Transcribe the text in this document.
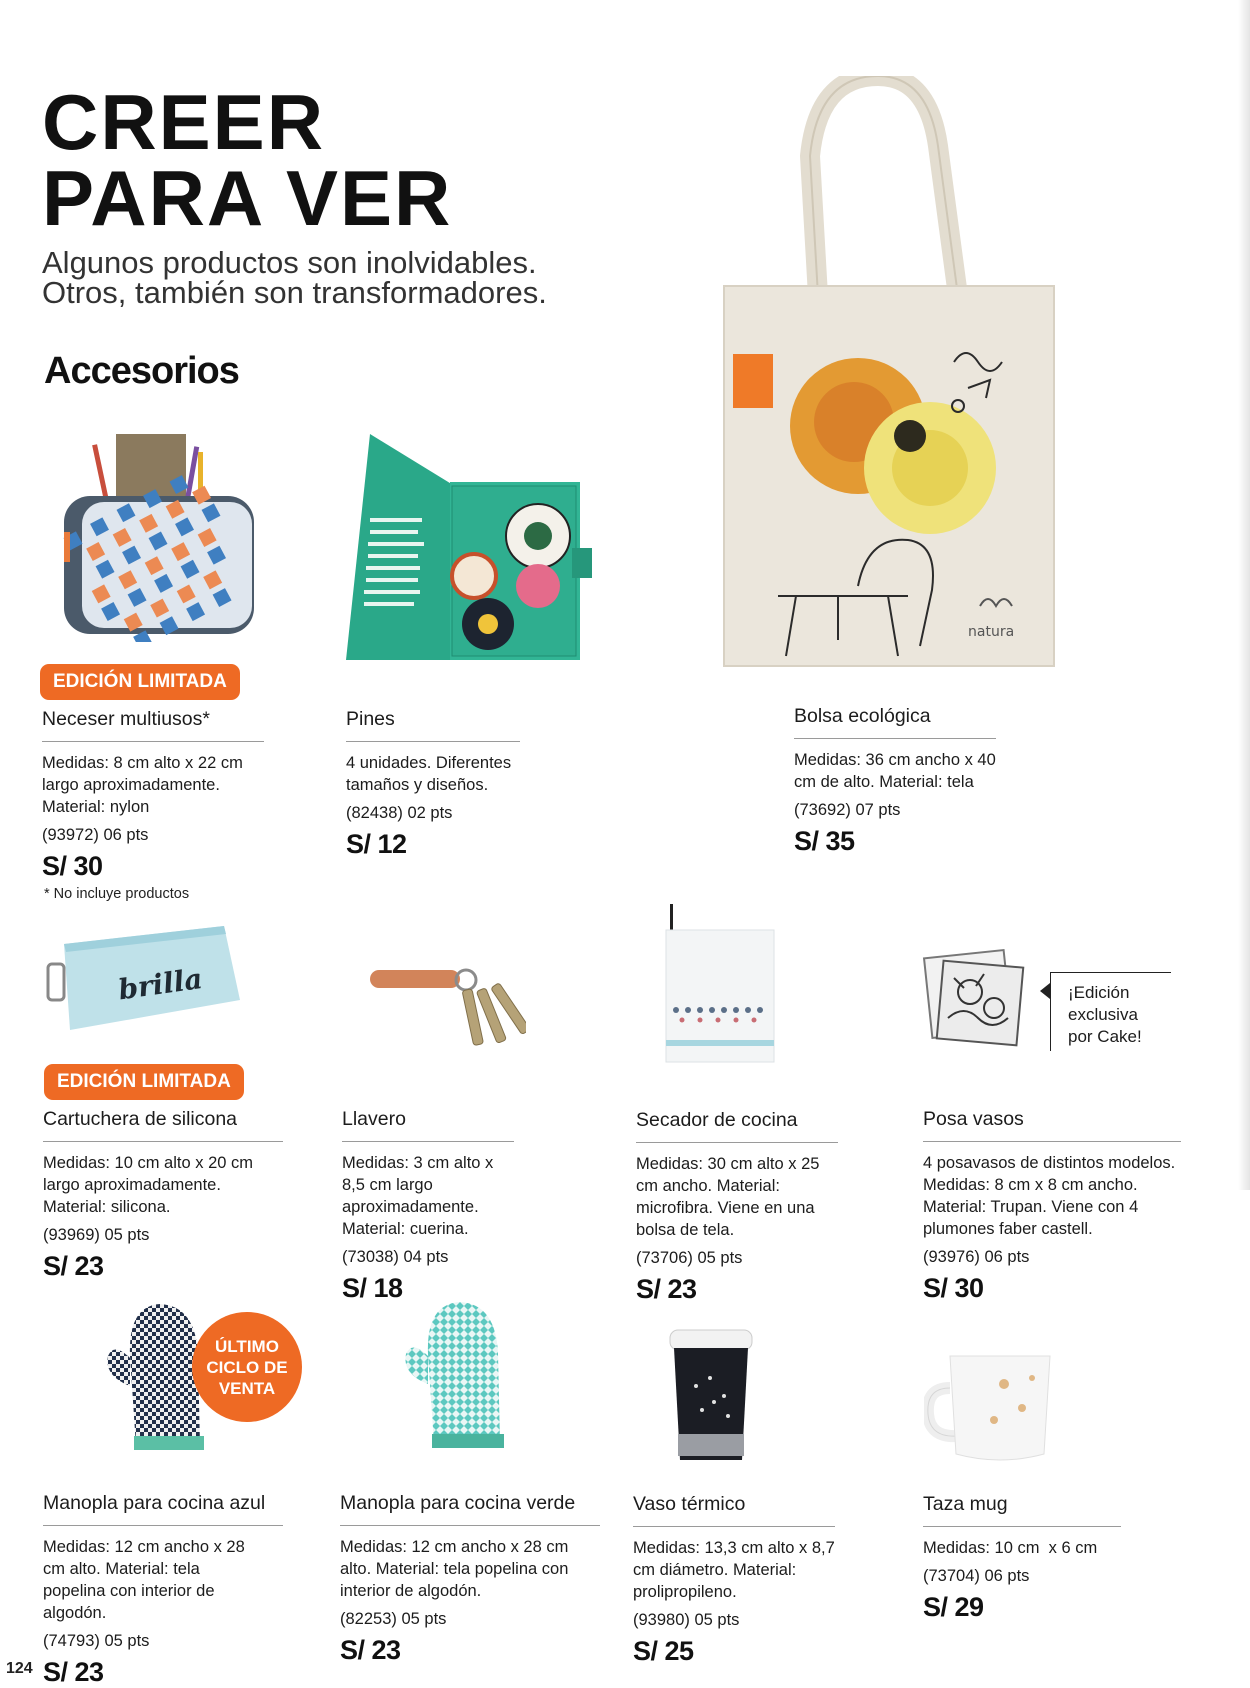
CREER
PARA VER
Algunos productos son inolvidables.
Otros, también son transformadores.
Accesorios
natura
brilla
ÚLTIMO
CICLO DE
VENTA
EDICIÓN LIMITADA
EDICIÓN LIMITADA
Neceser multiusos*
Medidas: 8 cm alto x 22 cm largo aproximadamente. Material: nylon
(93972) 06 pts
S/ 30
* No incluye productos
Pines
4 unidades. Diferentes tamaños y diseños.
(82438) 02 pts
S/ 12
Bolsa ecológica
Medidas: 36 cm ancho x 40 cm de alto. Material: tela
(73692) 07 pts
S/ 35
Cartuchera de silicona
Medidas: 10 cm alto x 20 cm largo aproximadamente. Material: silicona.
(93969) 05 pts
S/ 23
Llavero
Medidas: 3 cm alto x 8,5 cm largo aproximadamente. Material: cuerina.
(73038) 04 pts
S/ 18
Secador de cocina
Medidas: 30 cm alto x 25 cm ancho. Material: microfibra. Viene en una bolsa de tela.
(73706) 05 pts
S/ 23
Posa vasos
4 posavasos de distintos modelos. Medidas: 8 cm x 8 cm ancho. Material: Trupan. Viene con 4 plumones faber castell.
(93976) 06 pts
S/ 30
¡Edición
exclusiva
por Cake!
Manopla para cocina azul
Medidas: 12 cm ancho x 28 cm alto. Material: tela popelina con interior de algodón.
(74793) 05 pts
S/ 23
Manopla para cocina verde
Medidas: 12 cm ancho x 28 cm alto. Material: tela popelina con interior de algodón.
(82253) 05 pts
S/ 23
Vaso térmico
Medidas: 13,3 cm alto x 8,7 cm diámetro. Material: prolipropileno.
(93980) 05 pts
S/ 25
Taza mug
Medidas: 10 cm  x 6 cm
(73704) 06 pts
S/ 29
124
